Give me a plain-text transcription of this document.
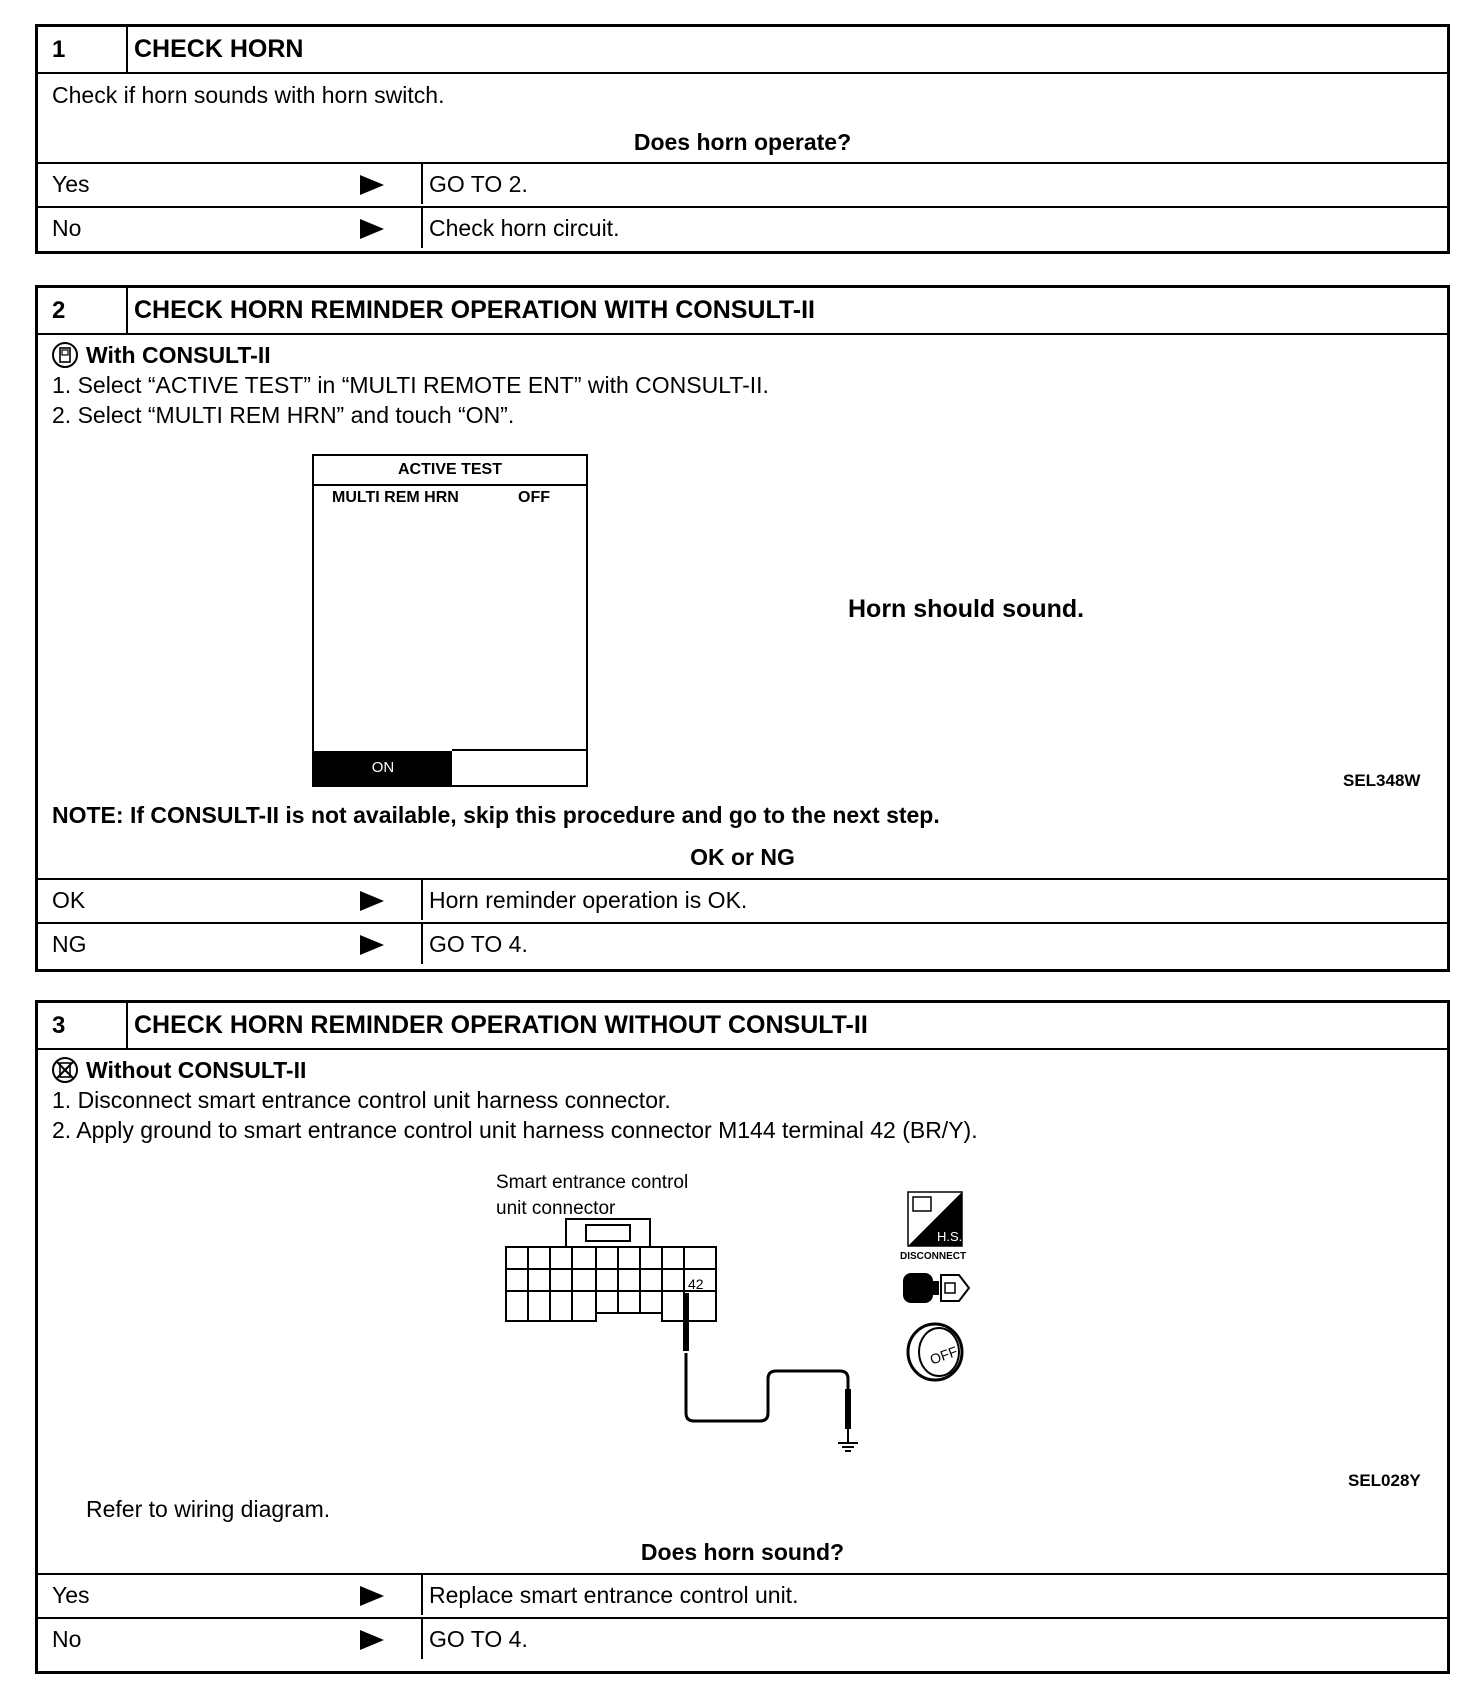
1	CHECK HORN
Check if horn sounds with horn switch.
Does horn operate?
Yes	GO TO 2.
No	Check horn circuit.
2	CHECK HORN REMINDER OPERATION WITH CONSULT-II
With CONSULT-II
1. Select “ACTIVE TEST” in “MULTI REMOTE ENT” with CONSULT-II.
2. Select “MULTI REM HRN” and touch “ON”.
ACTIVE TEST
MULTI REM HRN	OFF
ON
Horn should sound.
SEL348W
NOTE: If CONSULT-II is not available, skip this procedure and go to the next step.
OK or NG
OK	Horn reminder operation is OK.
NG	GO TO 4.
3	CHECK HORN REMINDER OPERATION WITHOUT CONSULT-II
Without CONSULT-II
1. Disconnect smart entrance control unit harness connector.
2. Apply ground to smart entrance control unit harness connector M144 terminal 42 (BR/Y).
Smart entrance control
unit connector
42
H.S.
DISCONNECT
OFF
SEL028Y
Refer to wiring diagram.
Does horn sound?
Yes	Replace smart entrance control unit.
No	GO TO 4.
